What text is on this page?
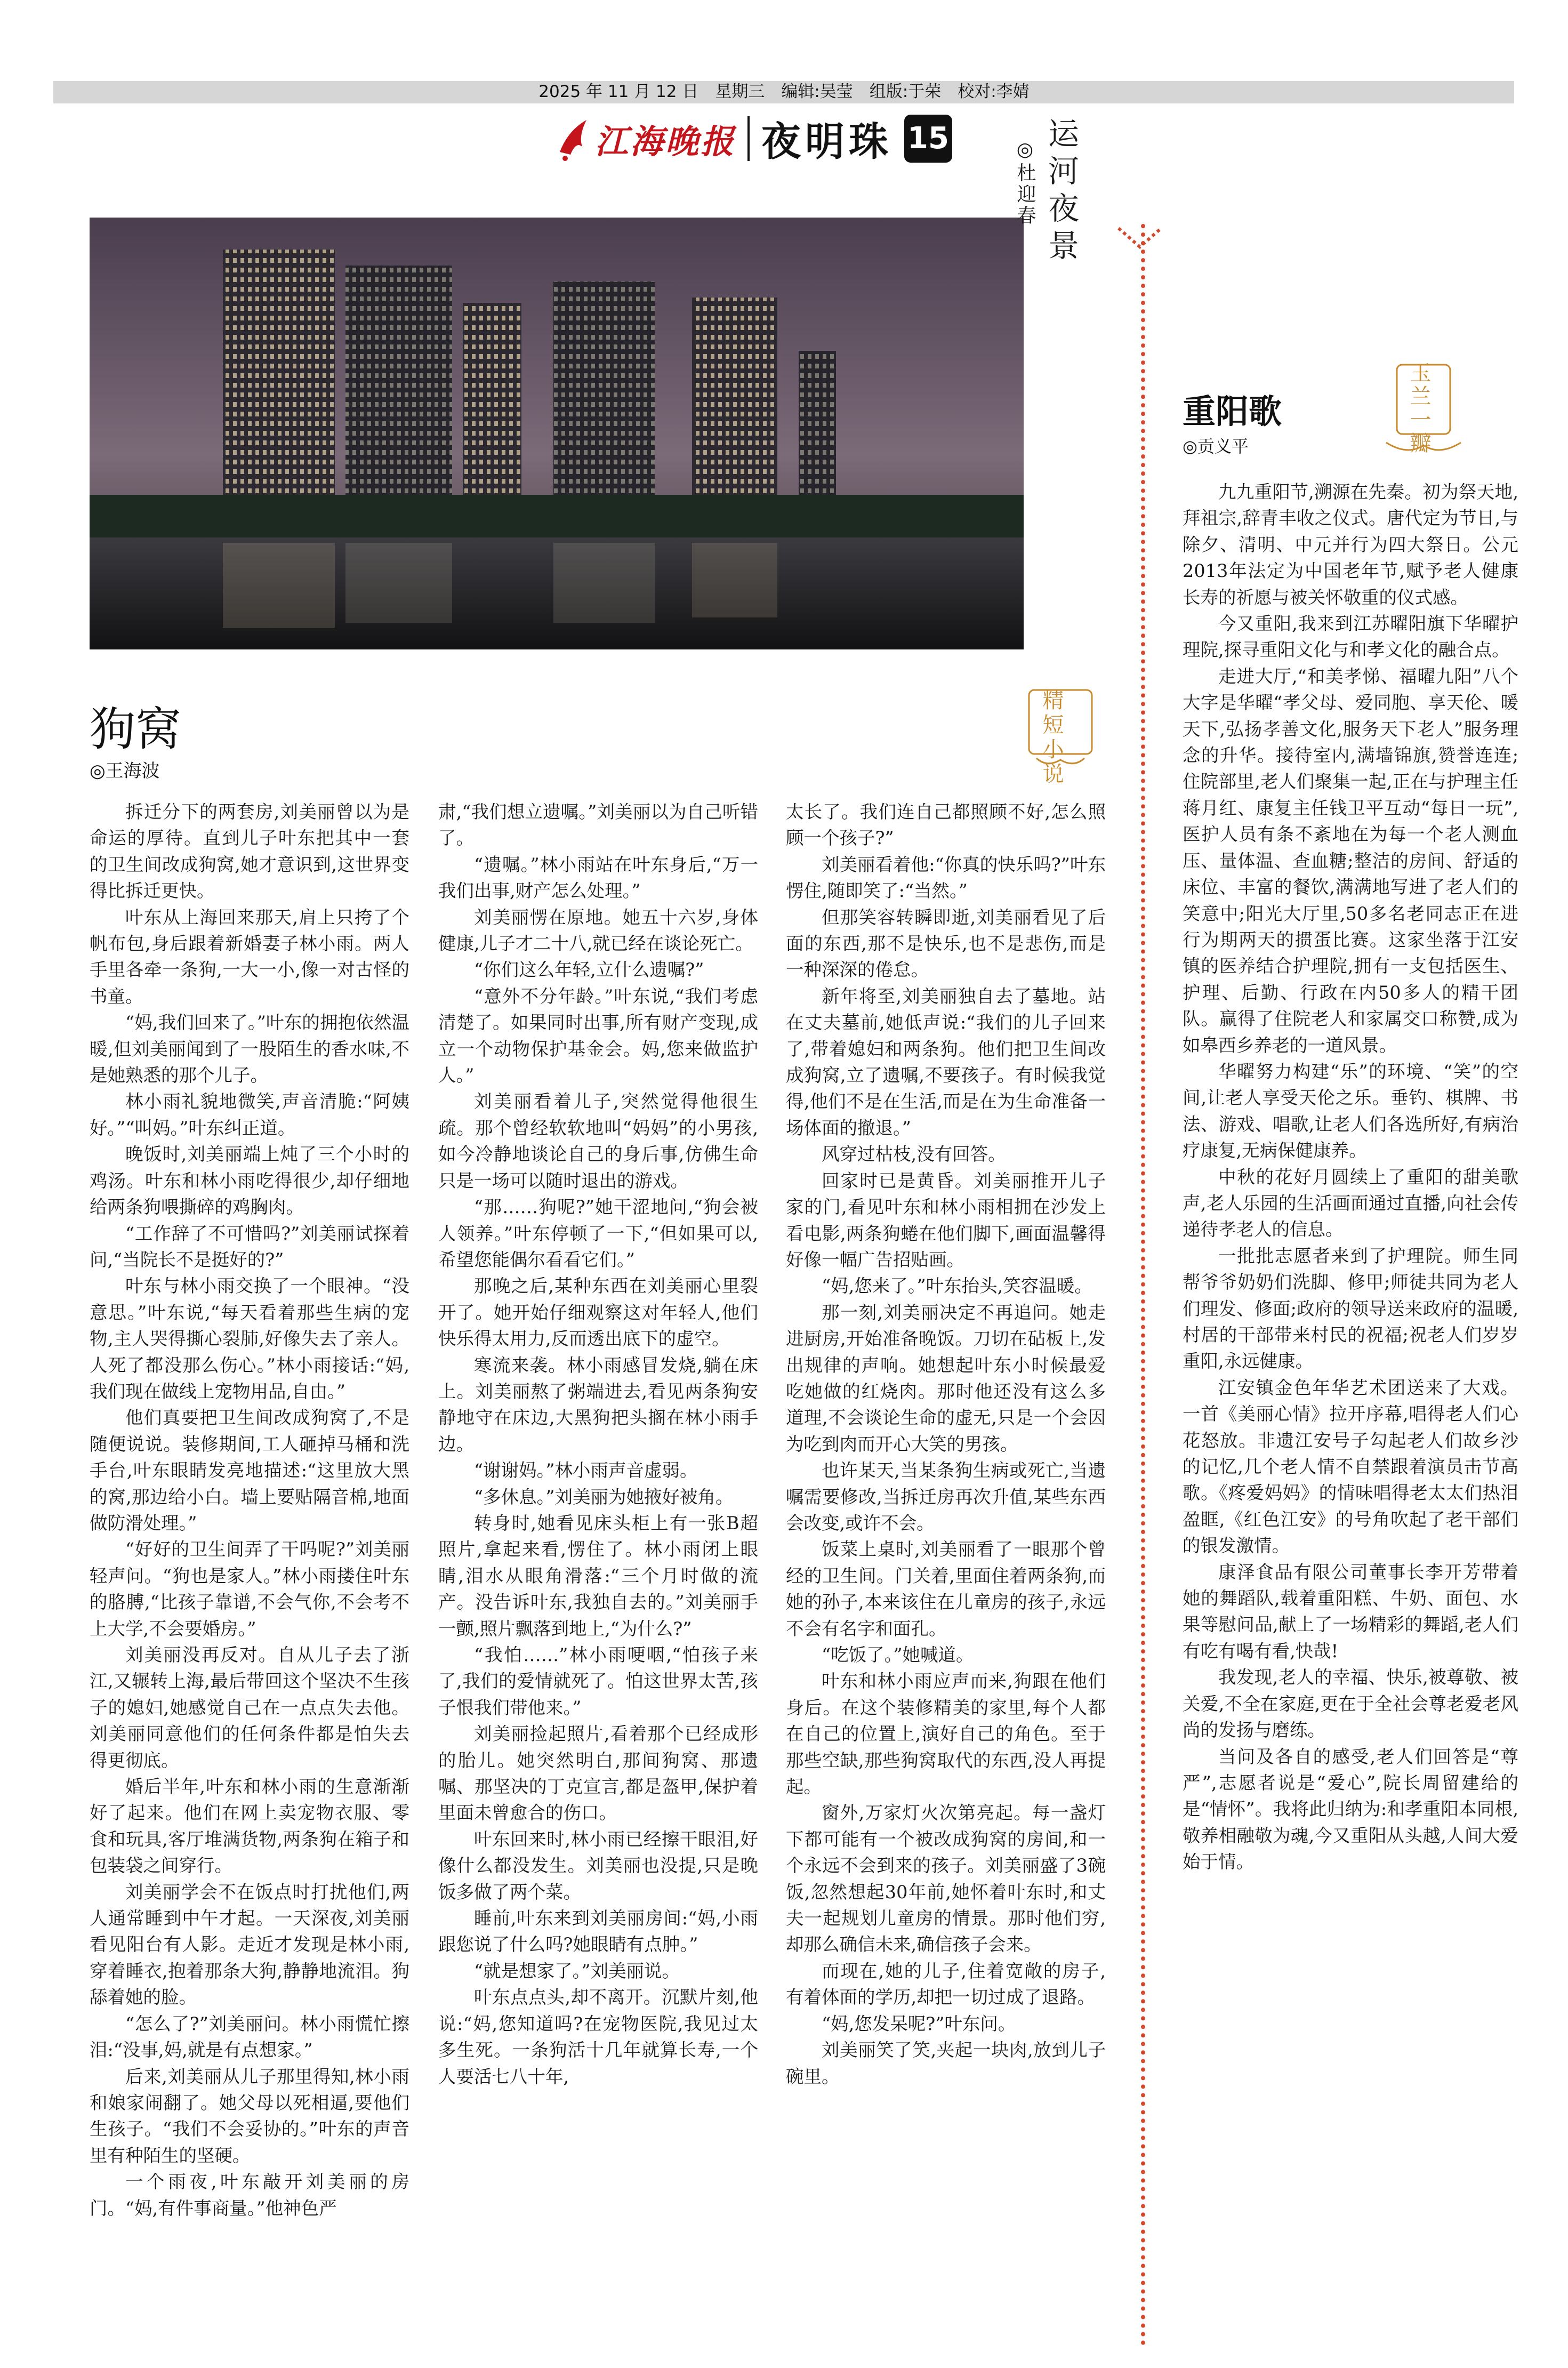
2025 年 11 月 12 日　星期三　编辑:吴莹　组版:于荣　校对:李婧
江海晚报 夜明珠 15	运河夜景
◎杜迎春
精短小说
狗窝
◎王海波

拆迁分下的两套房,刘美丽曾以为是命运的厚待。直到儿子叶东把其中一套的卫生间改成狗窝,她才意识到,这世界变得比拆迁更快。

叶东从上海回来那天,肩上只挎了个帆布包,身后跟着新婚妻子林小雨。两人手里各牵一条狗,一大一小,像一对古怪的书童。

“妈,我们回来了。”叶东的拥抱依然温暖,但刘美丽闻到了一股陌生的香水味,不是她熟悉的那个儿子。

林小雨礼貌地微笑,声音清脆:“阿姨好。”“叫妈。”叶东纠正道。

晚饭时,刘美丽端上炖了三个小时的鸡汤。叶东和林小雨吃得很少,却仔细地给两条狗喂撕碎的鸡胸肉。

“工作辞了不可惜吗?”刘美丽试探着问,“当院长不是挺好的?”

叶东与林小雨交换了一个眼神。“没意思。”叶东说,“每天看着那些生病的宠物,主人哭得撕心裂肺,好像失去了亲人。人死了都没那么伤心。”林小雨接话:“妈,我们现在做线上宠物用品,自由。”

他们真要把卫生间改成狗窝了,不是随便说说。装修期间,工人砸掉马桶和洗手台,叶东眼睛发亮地描述:“这里放大黑的窝,那边给小白。墙上要贴隔音棉,地面做防滑处理。”

“好好的卫生间弄了干吗呢?”刘美丽轻声问。“狗也是家人。”林小雨搂住叶东的胳膊,“比孩子靠谱,不会气你,不会考不上大学,不会要婚房。”

刘美丽没再反对。自从儿子去了浙江,又辗转上海,最后带回这个坚决不生孩子的媳妇,她感觉自己在一点点失去他。刘美丽同意他们的任何条件都是怕失去得更彻底。

婚后半年,叶东和林小雨的生意渐渐好了起来。他们在网上卖宠物衣服、零食和玩具,客厅堆满货物,两条狗在箱子和包装袋之间穿行。

刘美丽学会不在饭点时打扰他们,两人通常睡到中午才起。一天深夜,刘美丽看见阳台有人影。走近才发现是林小雨,穿着睡衣,抱着那条大狗,静静地流泪。狗舔着她的脸。

“怎么了?”刘美丽问。林小雨慌忙擦泪:“没事,妈,就是有点想家。”

后来,刘美丽从儿子那里得知,林小雨和娘家闹翻了。她父母以死相逼,要他们生孩子。“我们不会妥协的。”叶东的声音里有种陌生的坚硬。

一个雨夜,叶东敲开刘美丽的房门。“妈,有件事商量。”他神色严

肃,“我们想立遗嘱。”刘美丽以为自己听错了。

“遗嘱。”林小雨站在叶东身后,“万一我们出事,财产怎么处理。”

刘美丽愣在原地。她五十六岁,身体健康,儿子才二十八,就已经在谈论死亡。

“你们这么年轻,立什么遗嘱?”

“意外不分年龄。”叶东说,“我们考虑清楚了。如果同时出事,所有财产变现,成立一个动物保护基金会。妈,您来做监护人。”

刘美丽看着儿子,突然觉得他很生疏。那个曾经软软地叫“妈妈”的小男孩,如今冷静地谈论自己的身后事,仿佛生命只是一场可以随时退出的游戏。

“那……狗呢?”她干涩地问,“狗会被人领养。”叶东停顿了一下,“但如果可以,希望您能偶尔看看它们。”

那晚之后,某种东西在刘美丽心里裂开了。她开始仔细观察这对年轻人,他们快乐得太用力,反而透出底下的虚空。

寒流来袭。林小雨感冒发烧,躺在床上。刘美丽熬了粥端进去,看见两条狗安静地守在床边,大黑狗把头搁在林小雨手边。

“谢谢妈。”林小雨声音虚弱。

“多休息。”刘美丽为她掖好被角。

转身时,她看见床头柜上有一张B超照片,拿起来看,愣住了。林小雨闭上眼睛,泪水从眼角滑落:“三个月时做的流产。没告诉叶东,我独自去的。”刘美丽手一颤,照片飘落到地上,“为什么?”

“我怕……”林小雨哽咽,“怕孩子来了,我们的爱情就死了。怕这世界太苦,孩子恨我们带他来。”

刘美丽捡起照片,看着那个已经成形的胎儿。她突然明白,那间狗窝、那遗嘱、那坚决的丁克宣言,都是盔甲,保护着里面未曾愈合的伤口。

叶东回来时,林小雨已经擦干眼泪,好像什么都没发生。刘美丽也没提,只是晚饭多做了两个菜。

睡前,叶东来到刘美丽房间:“妈,小雨跟您说了什么吗?她眼睛有点肿。”

“就是想家了。”刘美丽说。

叶东点点头,却不离开。沉默片刻,他说:“妈,您知道吗?在宠物医院,我见过太多生死。一条狗活十几年就算长寿,一个人要活七八十年,

太长了。我们连自己都照顾不好,怎么照顾一个孩子?”

刘美丽看着他:“你真的快乐吗?”叶东愣住,随即笑了:“当然。”

但那笑容转瞬即逝,刘美丽看见了后面的东西,那不是快乐,也不是悲伤,而是一种深深的倦怠。

新年将至,刘美丽独自去了墓地。站在丈夫墓前,她低声说:“我们的儿子回来了,带着媳妇和两条狗。他们把卫生间改成狗窝,立了遗嘱,不要孩子。有时候我觉得,他们不是在生活,而是在为生命准备一场体面的撤退。”

风穿过枯枝,没有回答。

回家时已是黄昏。刘美丽推开儿子家的门,看见叶东和林小雨相拥在沙发上看电影,两条狗蜷在他们脚下,画面温馨得好像一幅广告招贴画。

“妈,您来了。”叶东抬头,笑容温暖。

那一刻,刘美丽决定不再追问。她走进厨房,开始准备晚饭。刀切在砧板上,发出规律的声响。她想起叶东小时候最爱吃她做的红烧肉。那时他还没有这么多道理,不会谈论生命的虚无,只是一个会因为吃到肉而开心大笑的男孩。

也许某天,当某条狗生病或死亡,当遗嘱需要修改,当拆迁房再次升值,某些东西会改变,或许不会。

饭菜上桌时,刘美丽看了一眼那个曾经的卫生间。门关着,里面住着两条狗,而她的孙子,本来该住在儿童房的孩子,永远不会有名字和面孔。

“吃饭了。”她喊道。

叶东和林小雨应声而来,狗跟在他们身后。在这个装修精美的家里,每个人都在自己的位置上,演好自己的角色。至于那些空缺,那些狗窝取代的东西,没人再提起。

窗外,万家灯火次第亮起。每一盏灯下都可能有一个被改成狗窝的房间,和一个永远不会到来的孩子。刘美丽盛了3碗饭,忽然想起30年前,她怀着叶东时,和丈夫一起规划儿童房的情景。那时他们穷,却那么确信未来,确信孩子会来。

而现在,她的儿子,住着宽敞的房子,有着体面的学历,却把一切过成了退路。

“妈,您发呆呢?”叶东问。

刘美丽笑了笑,夹起一块肉,放到儿子碗里。

玉兰一瓣
重阳歌
◎贡义平

九九重阳节,溯源在先秦。初为祭天地,拜祖宗,辞青丰收之仪式。唐代定为节日,与除夕、清明、中元并行为四大祭日。公元2013年法定为中国老年节,赋予老人健康长寿的祈愿与被关怀敬重的仪式感。

今又重阳,我来到江苏曜阳旗下华曜护理院,探寻重阳文化与和孝文化的融合点。

走进大厅,“和美孝悌、福曜九阳”八个大字是华曜“孝父母、爱同胞、享天伦、暖天下,弘扬孝善文化,服务天下老人”服务理念的升华。接待室内,满墙锦旗,赞誉连连;住院部里,老人们聚集一起,正在与护理主任蒋月红、康复主任钱卫平互动“每日一玩”,医护人员有条不紊地在为每一个老人测血压、量体温、查血糖;整洁的房间、舒适的床位、丰富的餐饮,满满地写进了老人们的笑意中;阳光大厅里,50多名老同志正在进行为期两天的掼蛋比赛。这家坐落于江安镇的医养结合护理院,拥有一支包括医生、护理、后勤、行政在内50多人的精干团队。赢得了住院老人和家属交口称赞,成为如皋西乡养老的一道风景。

华曜努力构建“乐”的环境、“笑”的空间,让老人享受天伦之乐。垂钓、棋牌、书法、游戏、唱歌,让老人们各选所好,有病治疗康复,无病保健康养。

中秋的花好月圆续上了重阳的甜美歌声,老人乐园的生活画面通过直播,向社会传递待孝老人的信息。

一批批志愿者来到了护理院。师生同帮爷爷奶奶们洗脚、修甲;师徒共同为老人们理发、修面;政府的领导送来政府的温暖,村居的干部带来村民的祝福;祝老人们岁岁重阳,永远健康。

江安镇金色年华艺术团送来了大戏。一首《美丽心情》拉开序幕,唱得老人们心花怒放。非遗江安号子勾起老人们故乡沙的记忆,几个老人情不自禁跟着演员击节高歌。《疼爱妈妈》的情味唱得老太太们热泪盈眶,《红色江安》的号角吹起了老干部们的银发激情。

康泽食品有限公司董事长李开芳带着她的舞蹈队,载着重阳糕、牛奶、面包、水果等慰问品,献上了一场精彩的舞蹈,老人们有吃有喝有看,快哉!

我发现,老人的幸福、快乐,被尊敬、被关爱,不全在家庭,更在于全社会尊老爱老风尚的发扬与磨练。

当问及各自的感受,老人们回答是“尊严”,志愿者说是“爱心”,院长周留建给的是“情怀”。我将此归纳为:和孝重阳本同根,敬养相融敬为魂,今又重阳从头越,人间大爱始于情。
